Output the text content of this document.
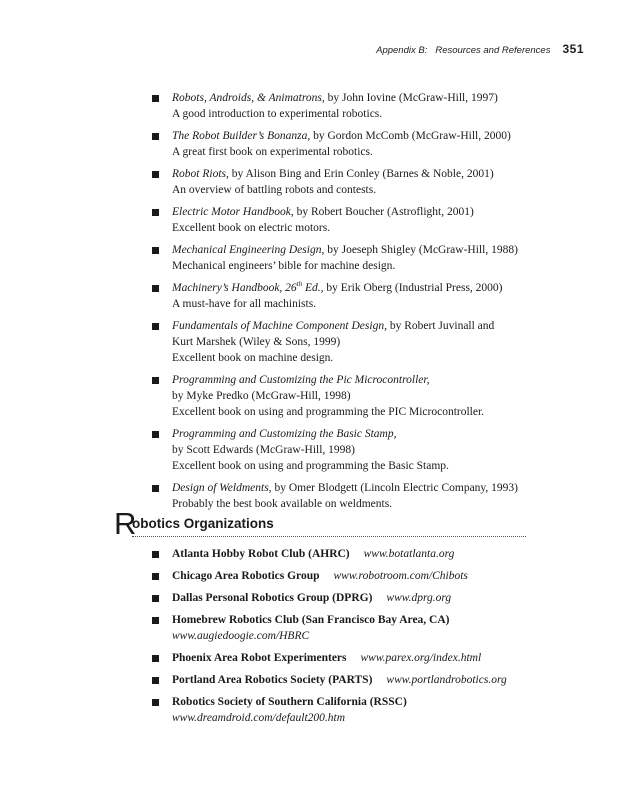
Appendix B: Resources and References 351
Robots, Androids, & Animatrons, by John Iovine (McGraw-Hill, 1997)
A good introduction to experimental robotics.
The Robot Builder’s Bonanza, by Gordon McComb (McGraw-Hill, 2000)
A great first book on experimental robotics.
Robot Riots, by Alison Bing and Erin Conley (Barnes & Noble, 2001)
An overview of battling robots and contests.
Electric Motor Handbook, by Robert Boucher (Astroflight, 2001)
Excellent book on electric motors.
Mechanical Engineering Design, by Joeseph Shigley (McGraw-Hill, 1988)
Mechanical engineers’ bible for machine design.
Machinery’s Handbook, 26th Ed., by Erik Oberg (Industrial Press, 2000)
A must-have for all machinists.
Fundamentals of Machine Component Design, by Robert Juvinall and
Kurt Marshek (Wiley & Sons, 1999)
Excellent book on machine design.
Programming and Customizing the Pic Microcontroller,
by Myke Predko (McGraw-Hill, 1998)
Excellent book on using and programming the PIC Microcontroller.
Programming and Customizing the Basic Stamp,
by Scott Edwards (McGraw-Hill, 1998)
Excellent book on using and programming the Basic Stamp.
Design of Weldments, by Omer Blodgett (Lincoln Electric Company, 1993)
Probably the best book available on weldments.
R
obotics Organizations
Atlanta Hobby Robot Club (AHRC) www.botatlanta.org
Chicago Area Robotics Group www.robotroom.com/Chibots
Dallas Personal Robotics Group (DPRG) www.dprg.org
Homebrew Robotics Club (San Francisco Bay Area, CA)
www.augiedoogie.com/HBRC
Phoenix Area Robot Experimenters www.parex.org/index.html
Portland Area Robotics Society (PARTS) www.portlandrobotics.org
Robotics Society of Southern California (RSSC)
www.dreamdroid.com/default200.htm
